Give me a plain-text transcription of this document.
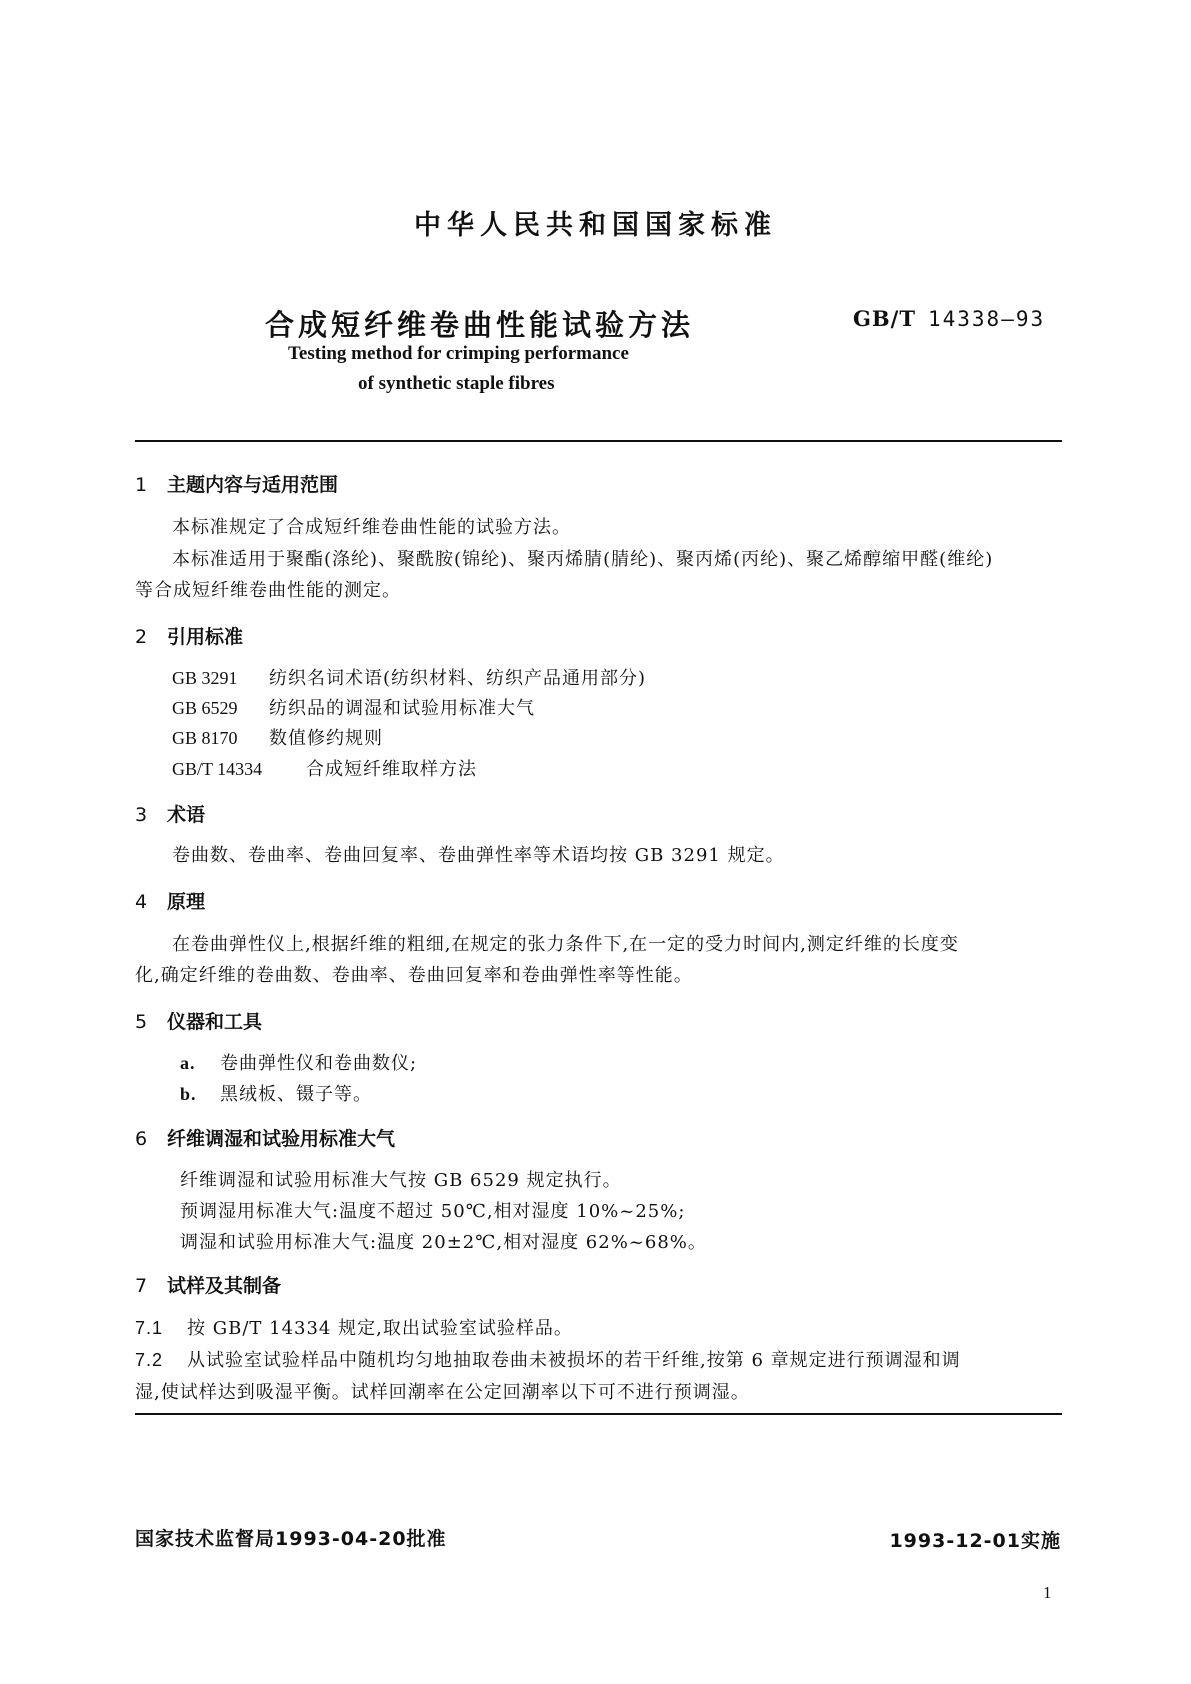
中华人民共和国国家标准
合成短纤维卷曲性能试验方法	GB/T 14338—93
Testing method for crimping performance
of synthetic staple fibres
1 主题内容与适用范围
本标准规定了合成短纤维卷曲性能的试验方法。
本标准适用于聚酯(涤纶)、聚酰胺(锦纶)、聚丙烯腈(腈纶)、聚丙烯(丙纶)、聚乙烯醇缩甲醛(维纶)
等合成短纤维卷曲性能的测定。
2 引用标准
GB 3291 纺织名词术语(纺织材料、纺织产品通用部分)
GB 6529 纺织品的调湿和试验用标准大气
GB 8170 数值修约规则
GB/T 14334 合成短纤维取样方法
3 术语
卷曲数、卷曲率、卷曲回复率、卷曲弹性率等术语均按 GB 3291 规定。
4 原理
在卷曲弹性仪上,根据纤维的粗细,在规定的张力条件下,在一定的受力时间内,测定纤维的长度变
化,确定纤维的卷曲数、卷曲率、卷曲回复率和卷曲弹性率等性能。
5 仪器和工具
a. 卷曲弹性仪和卷曲数仪;
b. 黑绒板、镊子等。
6 纤维调湿和试验用标准大气
纤维调湿和试验用标准大气按 GB 6529 规定执行。
预调湿用标准大气:温度不超过 50℃,相对湿度 10%~25%;
调湿和试验用标准大气:温度 20±2℃,相对湿度 62%~68%。
7 试样及其制备
7.1 按 GB/T 14334 规定,取出试验室试验样品。
7.2 从试验室试验样品中随机均匀地抽取卷曲未被损坏的若干纤维,按第 6 章规定进行预调湿和调
湿,使试样达到吸湿平衡。试样回潮率在公定回潮率以下可不进行预调湿。
国家技术监督局1993-04-20批准	1993-12-01实施
1
